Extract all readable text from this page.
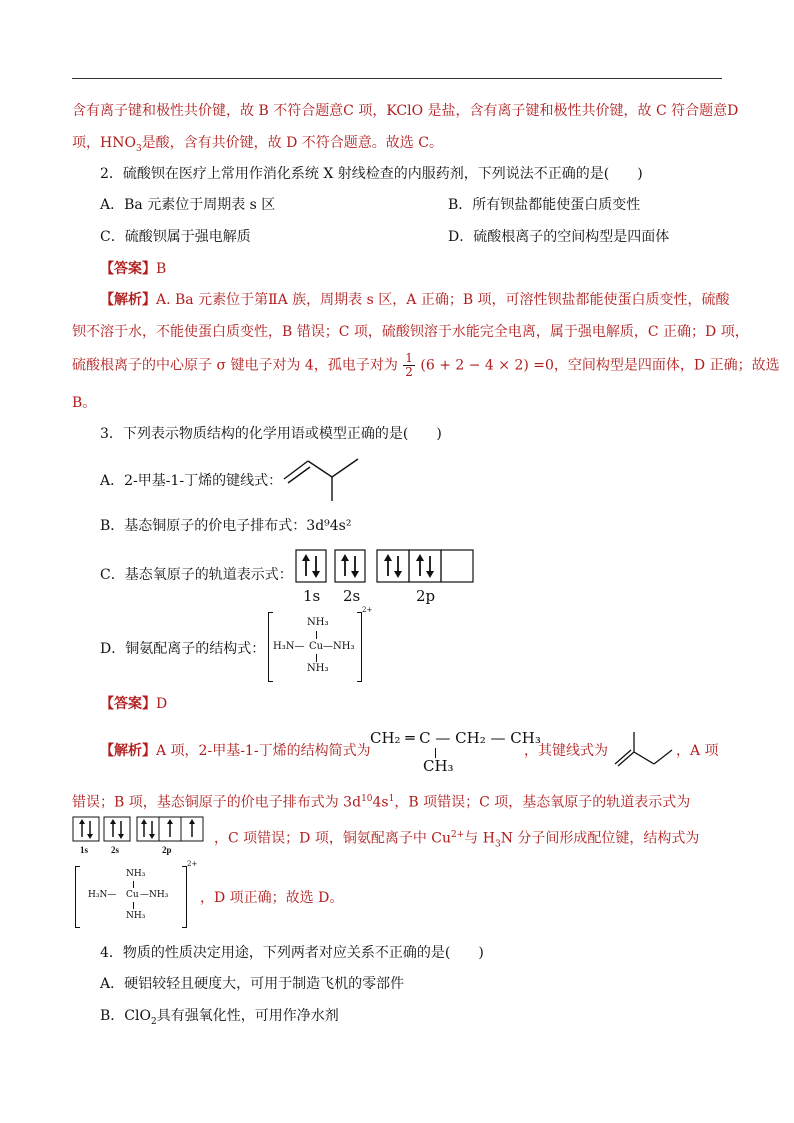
含有离子键和极性共价键，故 B 不符合题意C 项，KClO 是盐，含有离子键和极性共价键，故 C 符合题意D
项，$HNO_3$是酸，含有共价键，故 D 不符合题意。故选 C。
2．硫酸钡在医疗上常用作消化系统 X 射线检查的内服药剂，下列说法不正确的是(　　)
A．Ba 元素位于周期表 s 区	B．所有钡盐都能使蛋白质变性
C．硫酸钡属于强电解质	D．硫酸根离子的空间构型是四面体
【答案】B
【解析】A. Ba 元素位于第ⅡA 族，周期表 s 区，A 正确；B 项，可溶性钡盐都能使蛋白质变性，硫酸
钡不溶于水，不能使蛋白质变性，B 错误；C 项，硫酸钡溶于水能完全电离，属于强电解质，C 正确；D 项，
硫酸根离子的中心原子 σ 键电子对为 4，孤电子对为 $\frac{1}{2} (6 + 2 - 4 \times 2) =0$，空间构型是四面体，D 正确；故选
B。
3．下列表示物质结构的化学用语或模型正确的是(　　)
A．2-甲基-1-丁烯的键线式：
B．基态铜原子的价电子排布式：3d⁹4s²
C．基态氧原子的轨道表示式：
1s 2s	2p
D．铜氨配离子的结构式：
NH₃
H₃N— Cu —NH₃
NH₃
2+
【答案】D
【解析】A 项，2-甲基-1-丁烯的结构简式为
CH₂ ═ C — CH₂ — CH₃
CH₃
，其键线式为	，A 项
错误；B 项，基态铜原子的价电子排布式为 $3d^{10}4s^1$，B 项错误；C 项，基态氧原子的轨道表示式为
1s	2s	2p
，C 项错误；D 项，铜氨配离子中 $Cu^{2+}$与 $H_3N$ 分子间形成配位键，结构式为
NH₃
H₃N— Cu —NH₃
NH₃
2+
，D 项正确；故选 D。
4．物质的性质决定用途，下列两者对应关系不正确的是(　　)
A．硬铝较轻且硬度大，可用于制造飞机的零部件
B．ClO$_2$具有强氧化性，可用作净水剂
